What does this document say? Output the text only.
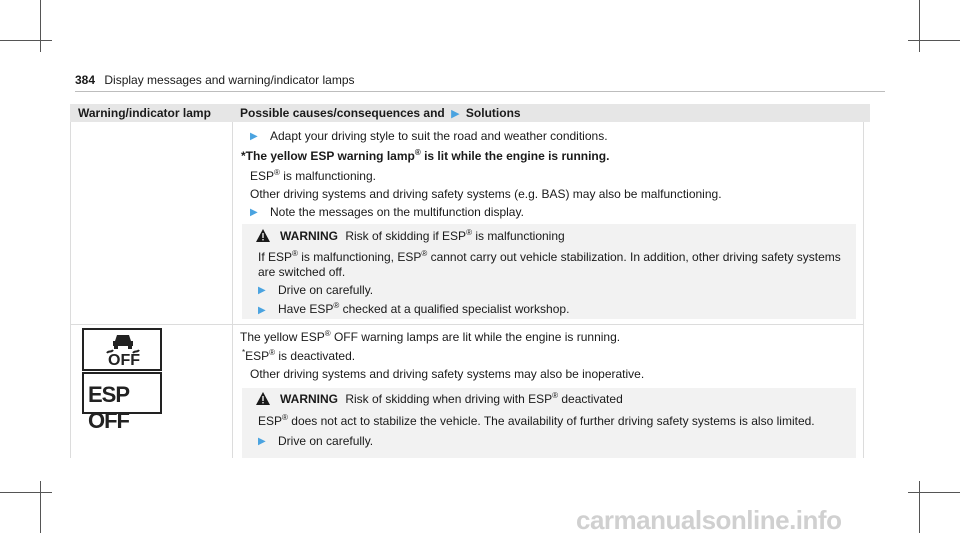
384 Display messages and warning/indicator lamps
Warning/indicator lamp	Possible causes/consequences and ▶ Solutions
▶ Adapt your driving style to suit the road and weather conditions.
*The yellow ESP warning lamp® is lit while the engine is running.
ESP® is malfunctioning.
Other driving systems and driving safety systems (e.g. BAS) may also be malfunctioning.
▶ Note the messages on the multifunction display.
WARNING Risk of skidding if ESP® is malfunctioning
If ESP® is malfunctioning, ESP® cannot carry out vehicle stabilization. In addition, other driving safety systems
are switched off.
▶ Drive on carefully.
▶ Have ESP® checked at a qualified specialist workshop.
OFF
ESP OFF
The yellow ESP® OFF warning lamps are lit while the engine is running.
*ESP® is deactivated.
Other driving systems and driving safety systems may also be inoperative.
WARNING Risk of skidding when driving with ESP® deactivated
ESP® does not act to stabilize the vehicle. The availability of further driving safety systems is also limited.
▶ Drive on carefully.
carmanualsonline.info
